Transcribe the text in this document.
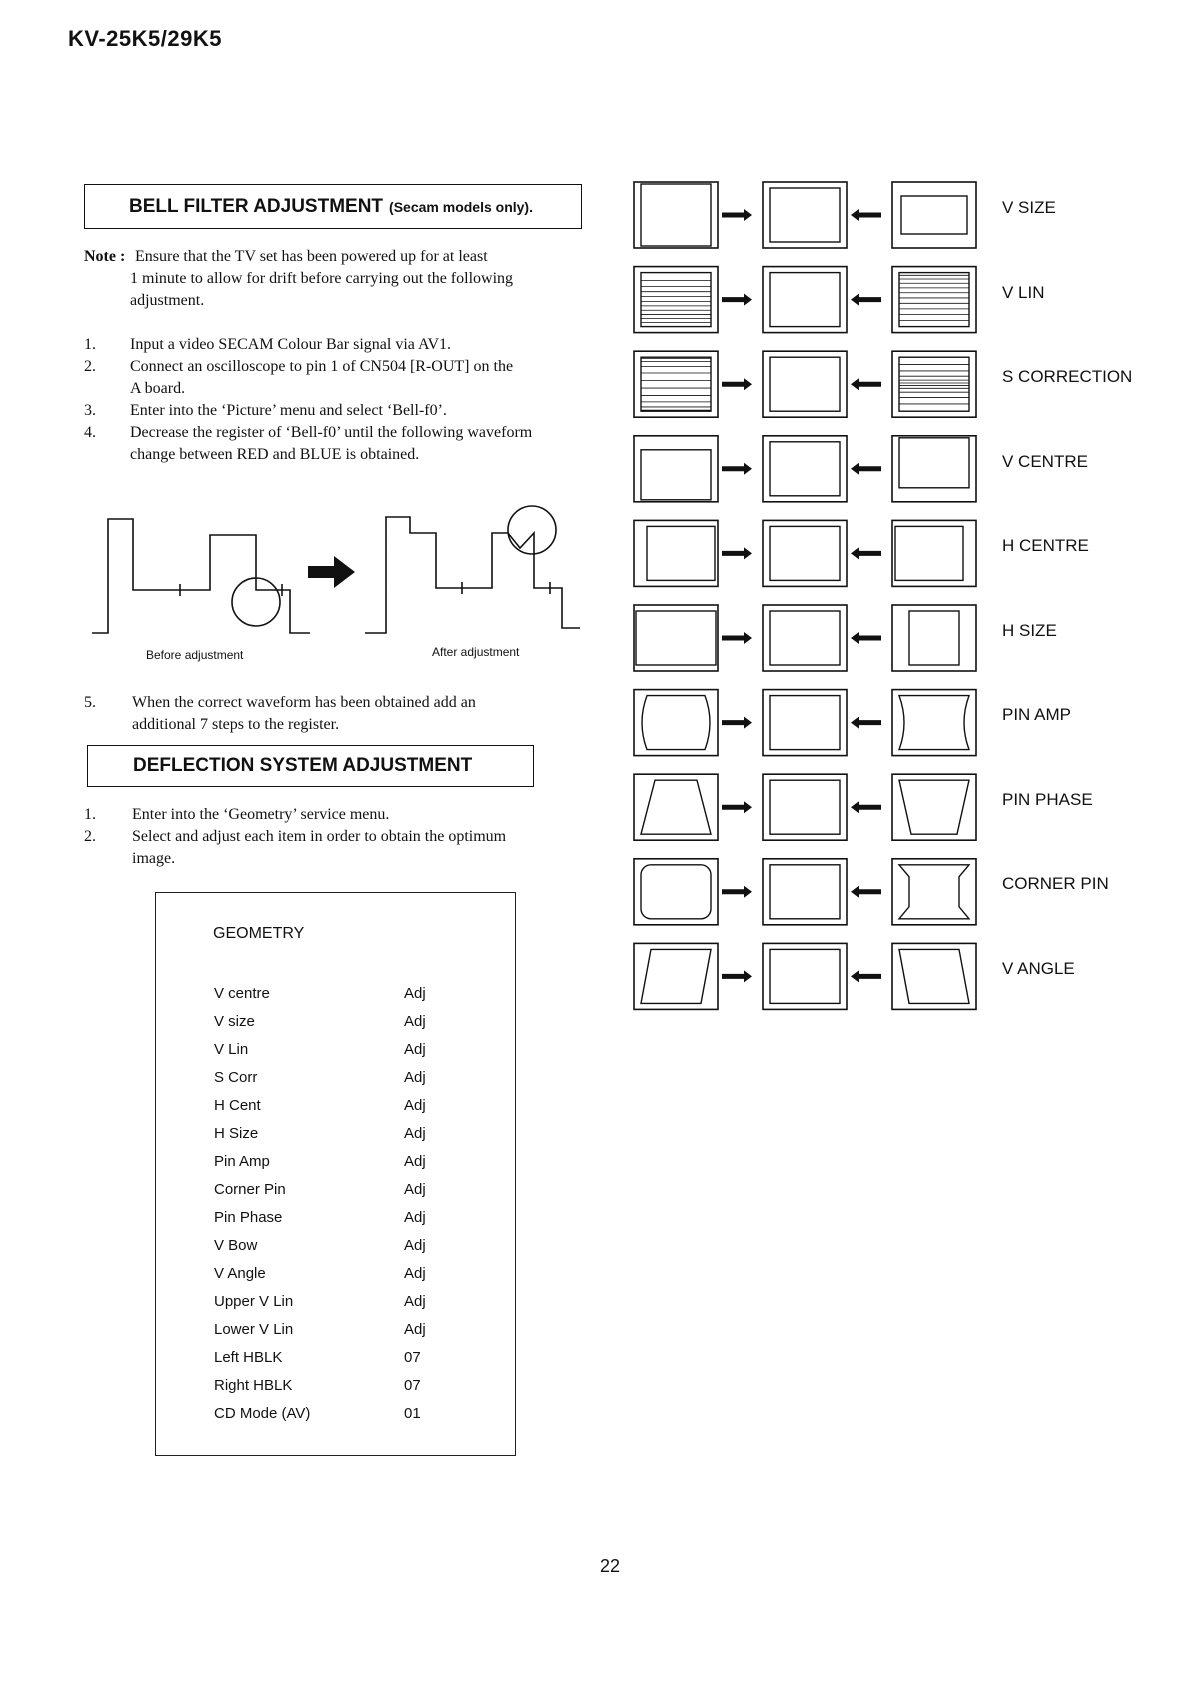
KV-25K5/29K5
BELL FILTER ADJUSTMENT (Secam models only).
Note : Ensure that the TV set has been powered up for at least
1 minute to allow for drift before carrying out the following
adjustment.
1. Input a video SECAM Colour Bar signal via AV1.
2. Connect an oscilloscope to pin 1 of CN504 [R-OUT] on the
A board.
3. Enter into the ‘Picture’ menu and select ‘Bell-f0’.
4. Decrease the register of ‘Bell-f0’ until the following waveform
change between RED and BLUE is obtained.
Before adjustment	After adjustment
5. When the correct waveform has been obtained add an
additional 7 steps to the register.
DEFLECTION SYSTEM ADJUSTMENT
1. Enter into the ‘Geometry’ service menu.
2. Select and adjust each item in order to obtain the optimum
image.
GEOMETRY
V centre	Adj
V size	Adj
V Lin	Adj
S Corr	Adj
H Cent	Adj
H Size	Adj
Pin Amp	Adj
Corner Pin	Adj
Pin Phase	Adj
V Bow	Adj
V Angle	Adj
Upper V Lin	Adj
Lower V Lin	Adj
Left HBLK	07
Right HBLK	07
CD Mode (AV)	01
V SIZE
V LIN
S CORRECTION
V CENTRE
H CENTRE
H SIZE
PIN AMP
PIN PHASE
CORNER PIN
V ANGLE
22
